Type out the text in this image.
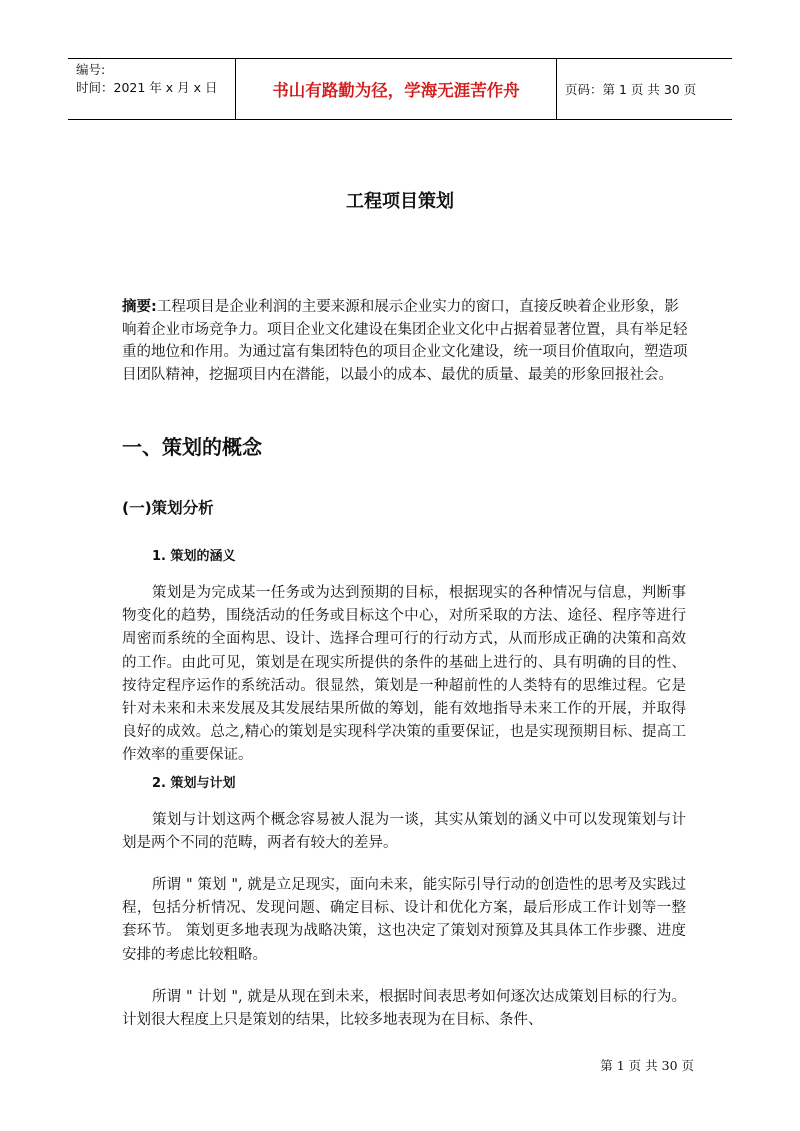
编号:
时间：2021 年 x 月 x 日	书山有路勤为径，学海无涯苦作舟	页码：第 1 页 共 30 页
工程项目策划
摘要:工程项目是企业利润的主要来源和展示企业实力的窗口，直接反映着企业形象，影响着企业市场竞争力。项目企业文化建设在集团企业文化中占据着显著位置，具有举足轻重的地位和作用。为通过富有集团特色的项目企业文化建设，统一项目价值取向，塑造项目团队精神，挖掘项目内在潜能，以最小的成本、最优的质量、最美的形象回报社会。
一、策划的概念
(一)策划分析
1. 策划的涵义
策划是为完成某一任务或为达到预期的目标，根据现实的各种情况与信息，判断事物变化的趋势，围绕活动的任务或目标这个中心，对所采取的方法、途径、程序等进行周密而系统的全面构思、设计、选择合理可行的行动方式，从而形成正确的决策和高效的工作。由此可见，策划是在现实所提供的条件的基础上进行的、具有明确的目的性、按待定程序运作的系统活动。很显然，策划是一种超前性的人类特有的思维过程。它是针对未来和未来发展及其发展结果所做的筹划，能有效地指导未来工作的开展，并取得良好的成效。总之,精心的策划是实现科学决策的重要保证，也是实现预期目标、提高工作效率的重要保证。
2. 策划与计划
策划与计划这两个概念容易被人混为一谈，其实从策划的涵义中可以发现策划与计划是两个不同的范畴，两者有较大的差异。
所谓 " 策划 ", 就是立足现实，面向未来，能实际引导行动的创造性的思考及实践过程，包括分析情况、发现问题、确定目标、设计和优化方案，最后形成工作计划等一整套环节。 策划更多地表现为战略决策，这也决定了策划对预算及其具体工作步骤、进度安排的考虑比较粗略。
所谓 " 计划 ", 就是从现在到未来，根据时间表思考如何逐次达成策划目标的行为。计划很大程度上只是策划的结果，比较多地表现为在目标、条件、
第 1 页 共 30 页
